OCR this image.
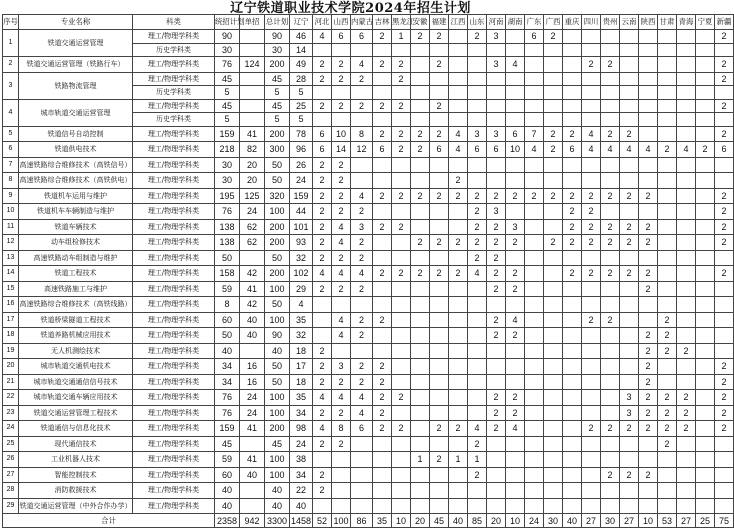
辽宁铁道职业技术学院2024年招生计划
序号	专业名称	科类	统招计划	单招	总计划	辽宁	河北	山西	内蒙古	吉林	黑龙江	安徽	福建	江西	山东	河南	湖南	广东	广西	重庆	四川	贵州	云南	陕西	甘肃	青海	宁夏	新疆	
1	铁道交通运营管理	理工/物理学科类	90		90	46	4	6	6	2	1	2	2		2	3		6	2									2		
		历史学科类	30		30	14																								
2	铁道交通运营管理（铁路行车）	理工/物理学科类	76	124	200	49	2	2	4	2	2		2			3	4				2	2						2		
3	铁路物流管理	理工/物理学科类	45		45	28	2	2	2		2																	2		
		历史学科类	5		5	5																								
4	城市轨道交通运营管理	理工/物理学科类	45		45	25	2	2	2	2	2		2															2		
		历史学科类	5		5	5																								
5	铁道信号自动控制	理工/物理学科类	159	41	200	78	6	10	8	2	2	2	2	4	3	3	6	7	2	2	4	2	2					2		
6	铁道供电技术	理工/物理学科类	218	82	300	96	6	14	12	6	2	2	6	4	6	6	10	4	2	6	4	4	4	4	2	4	2	6		
7	高速铁路综合维修技术（高铁信号）	理工/物理学科类	30	20	50	26	2	2																						
8	高速铁路综合维修技术（高铁供电）	理工/物理学科类	30	20	50	24	2	2						2																
9	铁道机车运用与维护	理工/物理学科类	195	125	320	159	2	2	4	2	2	2	2	2	2	2	2	2	2	2	2	2	2	2				2		
10	铁道机车车辆制造与维护	理工/物理学科类	76	24	100	44	2	2	2						2	3				2	2							2		
11	铁道车辆技术	理工/物理学科类	138	62	200	101	2	4	3	2	2				2	2	3			2	2	2	2	2				2		
12	动车组检修技术	理工/物理学科类	138	62	200	93	2	4	2			2	2	2	2	2	2		2	2	2	2	2	2				2		
13	高速铁路动车组制造与维护	理工/物理学科类	50		50	32	2	2	2						2	2														
14	铁道工程技术	理工/物理学科类	158	42	200	102	4	4	4	2	2	2	2	2	4	2	2			2	2	2	2	2				2		
15	高速铁路施工与维护	理工/物理学科类	59	41	100	29	2	2	2							2	2							2						
16	高速铁路综合维修技术（高铁线路）	理工/物理学科类	8	42	50	4																								
17	铁道桥梁隧道工程技术	理工/物理学科类	60	40	100	35		4	2	2						2	4				2	2			2					
18	铁道养路机械应用技术	理工/物理学科类	50	40	90	32		4	2							2	2							2	2					
19	无人机测绘技术	理工/物理学科类	40		40	18	2																	2	2	2				
20	城市轨道交通机电技术	理工/物理学科类	34	16	50	17	2	3	2	2														2				2		
21	城市轨道交通通信信号技术	理工/物理学科类	34	16	50	18	2	2	2	2														2				2		
22	城市轨道交通车辆应用技术	理工/物理学科类	76	24	100	35	4	4	4	2	2					2	2						3	2	2	2		2		
23	铁道交通运营管理工程技术	理工/物理学科类	76	24	100	34	2	2	4	2						2	2						3	2	2	2		2		
24	铁道通信与信息化技术	理工/物理学科类	159	41	200	98	4	8	6	2	2		2	2	4	2	4				2	2	2	2	2	2		2		
25	现代通信技术	理工/物理学科类	45		45	24	2	2							2										2					
26	工业机器人技术	理工/物理学科类	59	41	100	38						1	2	1	1															
27	智能控制技术	理工/物理学科类	60	40	100	34	2								2							2	2	2						
28	消防救援技术	理工/物理学科类	40		40	22	2																							
29	铁道交通运营管理（中外合作办学）	理工/物理学科类	40		40	40																								
合计			2358	942	3300	1458	52	100	86	35	10	20	45	40	85	20	10	24	30	40	27	30	27	10	53	27	25	75	
